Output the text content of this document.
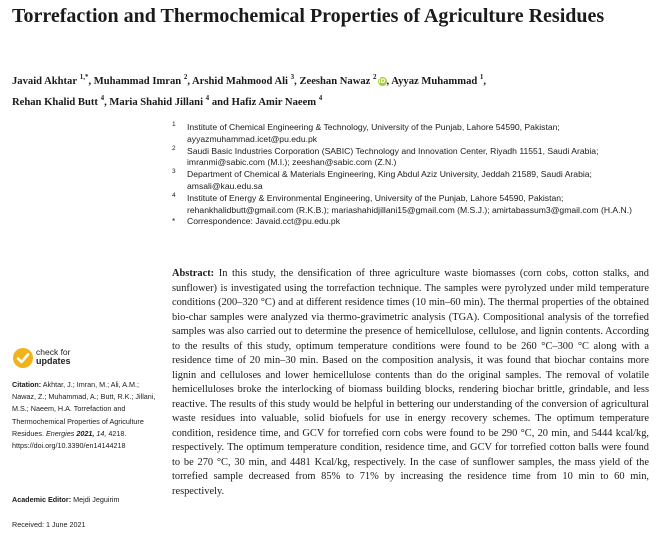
Torrefaction and Thermochemical Properties of Agriculture Residues
Javaid Akhtar $^{1,*}$, Muhammad Imran $^2$, Arshid Mahmood Ali $^3$, Zeeshan Nawaz $^2$iD, Ayyaz Muhammad $^1$,
Rehan Khalid Butt $^4$, Maria Shahid Jillani $^4$ and Hafiz Amir Naeem $^4$
1 Institute of Chemical Engineering & Technology, University of the Punjab, Lahore 54590, Pakistan; ayyazmuhammad.icet@pu.edu.pk
2 Saudi Basic Industries Corporation (SABIC) Technology and Innovation Center, Riyadh 11551, Saudi Arabia; imranmi@sabic.com (M.I.); zeeshan@sabic.com (Z.N.)
3 Department of Chemical & Materials Engineering, King Abdul Aziz University, Jeddah 21589, Saudi Arabia; amsali@kau.edu.sa
4 Institute of Energy & Environmental Engineering, University of the Punjab, Lahore 54590, Pakistan; rehankhalidbutt@gmail.com (R.K.B.); mariashahidjillani15@gmail.com (M.S.J.); amirtabassum3@gmail.com (H.A.N.)
* Correspondence: Javaid.cct@pu.edu.pk
Abstract: In this study, the densification of three agriculture waste biomasses (corn cobs, cotton stalks, and sunflower) is investigated using the torrefaction technique. The samples were pyrolyzed under mild temperature conditions (200–320 °C) and at different residence times (10 min–60 min). The thermal properties of the obtained bio-char samples were analyzed via thermo-gravimetric analysis (TGA). Compositional analysis of the torrefied samples was also carried out to determine the presence of hemicellulose, cellulose, and lignin contents. According to the results of this study, optimum temperature conditions were found to be 260 °C–300 °C along with a residence time of 20 min–30 min. Based on the composition analysis, it was found that biochar contains more lignin and celluloses and lower hemicellulose contents than do the original samples. The removal of volatile hemicelluloses broke the interlocking of biomass building blocks, rendering biochar brittle, grindable, and less reactive. The results of this study would be helpful in bettering our understanding of the conversion of agricultural waste residues into valuable, solid biofuels for use in energy recovery schemes. The optimum temperature condition, residence time, and GCV for torrefied corn cobs were found to be 290 °C, 20 min, and 5444 kcal/kg, respectively. The optimum temperature condition, residence time, and GCV for torrefied cotton balls were found to be 270 °C, 30 min, and 4481 Kcal/kg, respectively. In the case of sunflower samples, the mass yield of the torrefied sample decreased from 85% to 71% by increasing the residence time from 10 min to 60 min, respectively.
check for
updates
Citation: Akhtar, J.; Imran, M.; Ali, A.M.; Nawaz, Z.; Muhammad, A.; Butt, R.K.; Jillani, M.S.; Naeem, H.A. Torrefaction and Thermochemical Properties of Agriculture Residues. Energies 2021, 14, 4218. https://doi.org/10.3390/en14144218
Academic Editor: Mejdi Jeguirim
Received: 1 June 2021
